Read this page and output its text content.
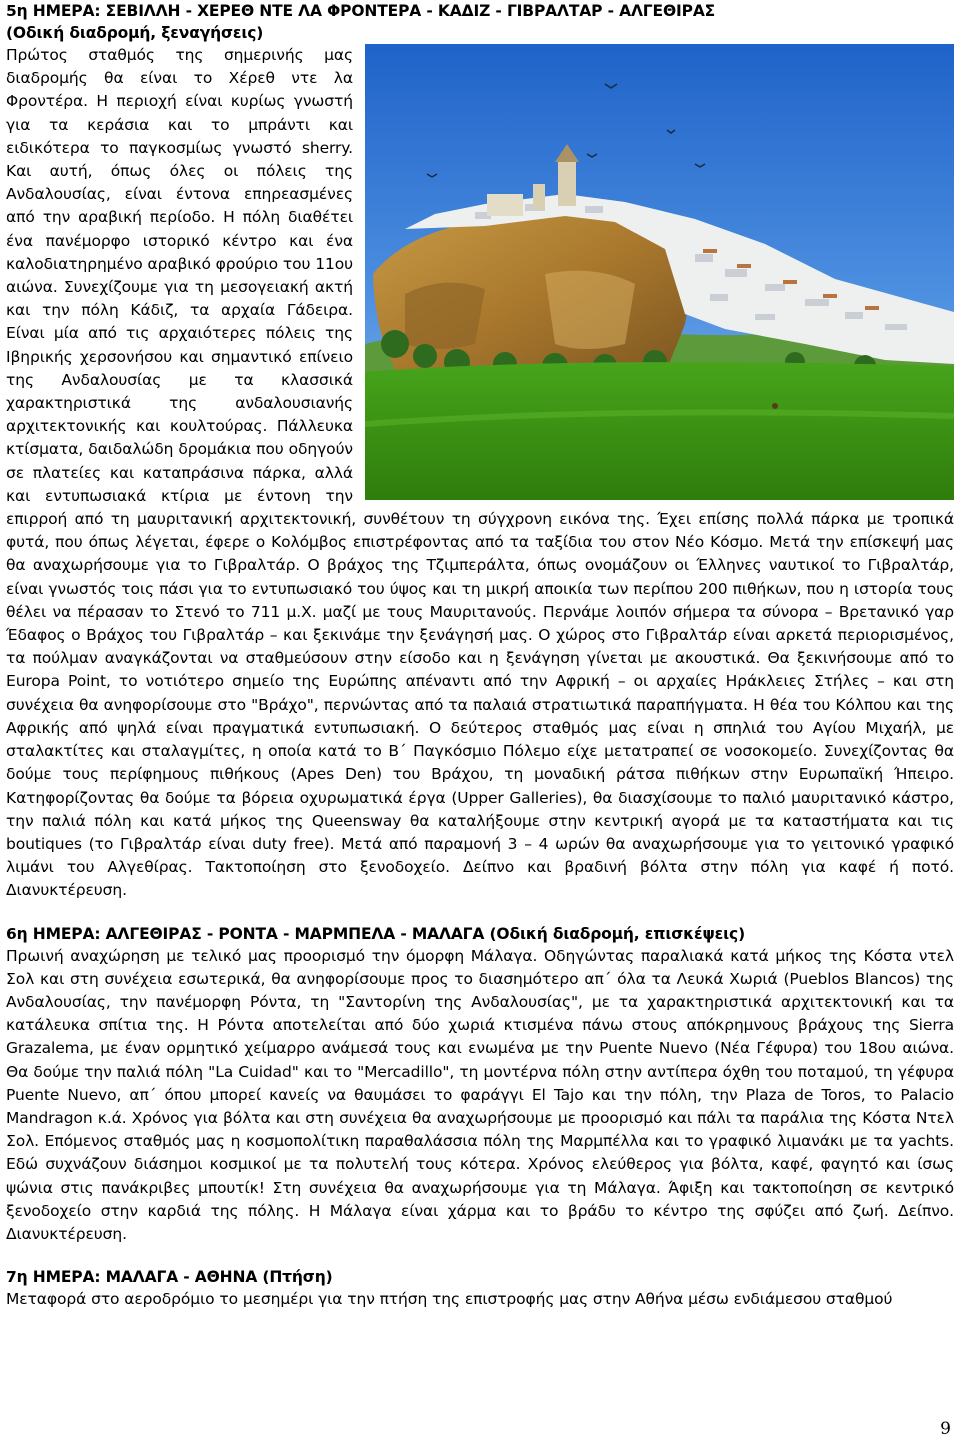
5η ΗΜΕΡΑ: ΣΕΒΙΛΛΗ - ΧΕΡΕΘ ΝΤΕ ΛΑ ΦΡΟΝΤΕΡΑ - ΚΑΔΙΖ - ΓΙΒΡΑΛΤΑΡ - ΑΛΓΕΘΙΡΑΣ
(Οδική διαδρομή, ξεναγήσεις)

Πρώτος σταθμός της σημερινής μας διαδρομής θα είναι το Χέρεθ ντε λα Φροντέρα. Η περιοχή είναι κυρίως γνωστή για τα κεράσια και το μπράντι και ειδικότερα το παγκοσμίως γνωστό sherry. Και αυτή, όπως όλες οι πόλεις της Ανδαλουσίας, είναι έντονα επηρεασμένες από την αραβική περίοδο. Η πόλη διαθέτει ένα πανέμορφο ιστορικό κέντρο και ένα καλοδιατηρημένο αραβικό φρούριο του 11ου αιώνα. Συνεχίζουμε για τη μεσογειακή ακτή και την πόλη Κάδιζ, τα αρχαία Γάδειρα. Είναι μία από τις αρχαιότερες πόλεις της Ιβηρικής χερσονήσου και σημαντικό επίνειο της Ανδαλουσίας με τα κλασσικά χαρακτηριστικά της ανδαλουσιανής αρχιτεκτονικής και κουλτούρας. Πάλλευκα κτίσματα, δαιδαλώδη δρομάκια που οδηγούν σε πλατείες και καταπράσινα πάρκα, αλλά και εντυπωσιακά κτίρια με έντονη την επιρροή από τη μαυριτανική αρχιτεκτονική, συνθέτουν τη σύγχρονη εικόνα της. Έχει επίσης πολλά πάρκα με τροπικά φυτά, που όπως λέγεται, έφερε ο Κολόμβος επιστρέφοντας από τα ταξίδια του στον Νέο Κόσμο. Μετά την επίσκεψή μας θα αναχωρήσουμε για το Γιβραλτάρ. Ο βράχος της Τζιμπεράλτα, όπως ονομάζουν οι Έλληνες ναυτικοί το Γιβραλτάρ, είναι γνωστός τοις πάσι για το εντυπωσιακό του ύψος και τη μικρή αποικία των περίπου 200 πιθήκων, που η ιστορία τους θέλει να πέρασαν το Στενό το 711 μ.Χ. μαζί με τους Μαυριτανούς. Περνάμε λοιπόν σήμερα τα σύνορα – Βρετανικό γαρ Έδαφος ο Βράχος του Γιβραλτάρ – και ξεκινάμε την ξενάγησή μας. Ο χώρος στο Γιβραλτάρ είναι αρκετά περιορισμένος, τα πούλμαν αναγκάζονται να σταθμεύσουν στην είσοδο και η ξενάγηση γίνεται με ακουστικά. Θα ξεκινήσουμε από το Europa Point, το νοτιότερο σημείο της Ευρώπης απέναντι από την Αφρική – οι αρχαίες Ηράκλειες Στήλες – και στη συνέχεια θα ανηφορίσουμε στο "Βράχο", περνώντας από τα παλαιά στρατιωτικά παραπήγματα. Η θέα του Κόλπου και της Αφρικής από ψηλά είναι πραγματικά εντυπωσιακή. Ο δεύτερος σταθμός μας είναι η σπηλιά του Αγίου Μιχαήλ, με σταλακτίτες και σταλαγμίτες, η οποία κατά το Β΄ Παγκόσμιο Πόλεμο είχε μετατραπεί σε νοσοκομείο. Συνεχίζοντας θα δούμε τους περίφημους πιθήκους (Apes Den) του Βράχου, τη μοναδική ράτσα πιθήκων στην Ευρωπαϊκή Ήπειρο. Κατηφορίζοντας θα δούμε τα βόρεια οχυρωματικά έργα (Upper Galleries), θα διασχίσουμε το παλιό μαυριτανικό κάστρο, την παλιά πόλη και κατά μήκος της Queensway θα καταλήξουμε στην κεντρική αγορά με τα καταστήματα και τις boutiques (το Γιβραλτάρ είναι duty free). Μετά από παραμονή 3 – 4 ωρών θα αναχωρήσουμε για το γειτονικό γραφικό λιμάνι του Αλγεθίρας. Τακτοποίηση στο ξενοδοχείο. Δείπνο και βραδινή βόλτα στην πόλη για καφέ ή ποτό. Διανυκτέρευση.

6η ΗΜΕΡΑ: ΑΛΓΕΘΙΡΑΣ - ΡΟΝΤΑ - ΜΑΡΜΠΕΛΑ - ΜΑΛΑΓΑ (Οδική διαδρομή, επισκέψεις)

Πρωινή αναχώρηση με τελικό μας προορισμό την όμορφη Μάλαγα. Οδηγώντας παραλιακά κατά μήκος της Κόστα ντελ Σολ και στη συνέχεια εσωτερικά, θα ανηφορίσουμε προς το διασημότερο απ΄ όλα τα Λευκά Χωριά (Pueblos Blancos) της Ανδαλουσίας, την πανέμορφη Ρόντα, τη "Σαντορίνη της Ανδαλουσίας", με τα χαρακτηριστικά αρχιτεκτονική και τα κατάλευκα σπίτια της. Η Ρόντα αποτελείται από δύο χωριά κτισμένα πάνω στους απόκρημνους βράχους της Sierra Grazalema, με έναν ορμητικό χείμαρρο ανάμεσά τους και ενωμένα με την Puente Nuevo (Νέα Γέφυρα) του 18ου αιώνα. Θα δούμε την παλιά πόλη "La Cuidad" και το "Mercadillo", τη μοντέρνα πόλη στην αντίπερα όχθη του ποταμού, τη γέφυρα Puente Nuevo, απ΄ όπου μπορεί κανείς να θαυμάσει το φαράγγι El Tajo και την πόλη, την Plaza de Toros, το Palacio Mandragon κ.ά. Χρόνος για βόλτα και στη συνέχεια θα αναχωρήσουμε με προορισμό και πάλι τα παράλια της Κόστα Ντελ Σολ. Επόμενος σταθμός μας η κοσμοπολίτικη παραθαλάσσια πόλη της Μαρμπέλλα και το γραφικό λιμανάκι με τα yachts. Εδώ συχνάζουν διάσημοι κοσμικοί με τα πολυτελή τους κότερα. Χρόνος ελεύθερος για βόλτα, καφέ, φαγητό και ίσως ψώνια στις πανάκριβες μπουτίκ! Στη συνέχεια θα αναχωρήσουμε για τη Μάλαγα. Άφιξη και τακτοποίηση σε κεντρικό ξενοδοχείο στην καρδιά της πόλης. Η Μάλαγα είναι χάρμα και το βράδυ το κέντρο της σφύζει από ζωή. Δείπνο. Διανυκτέρευση.

7η ΗΜΕΡΑ: ΜΑΛΑΓΑ - ΑΘΗΝΑ (Πτήση)

Μεταφορά στο αεροδρόμιο το μεσημέρι για την πτήση της επιστροφής μας στην Αθήνα μέσω ενδιάμεσου σταθμού

9
